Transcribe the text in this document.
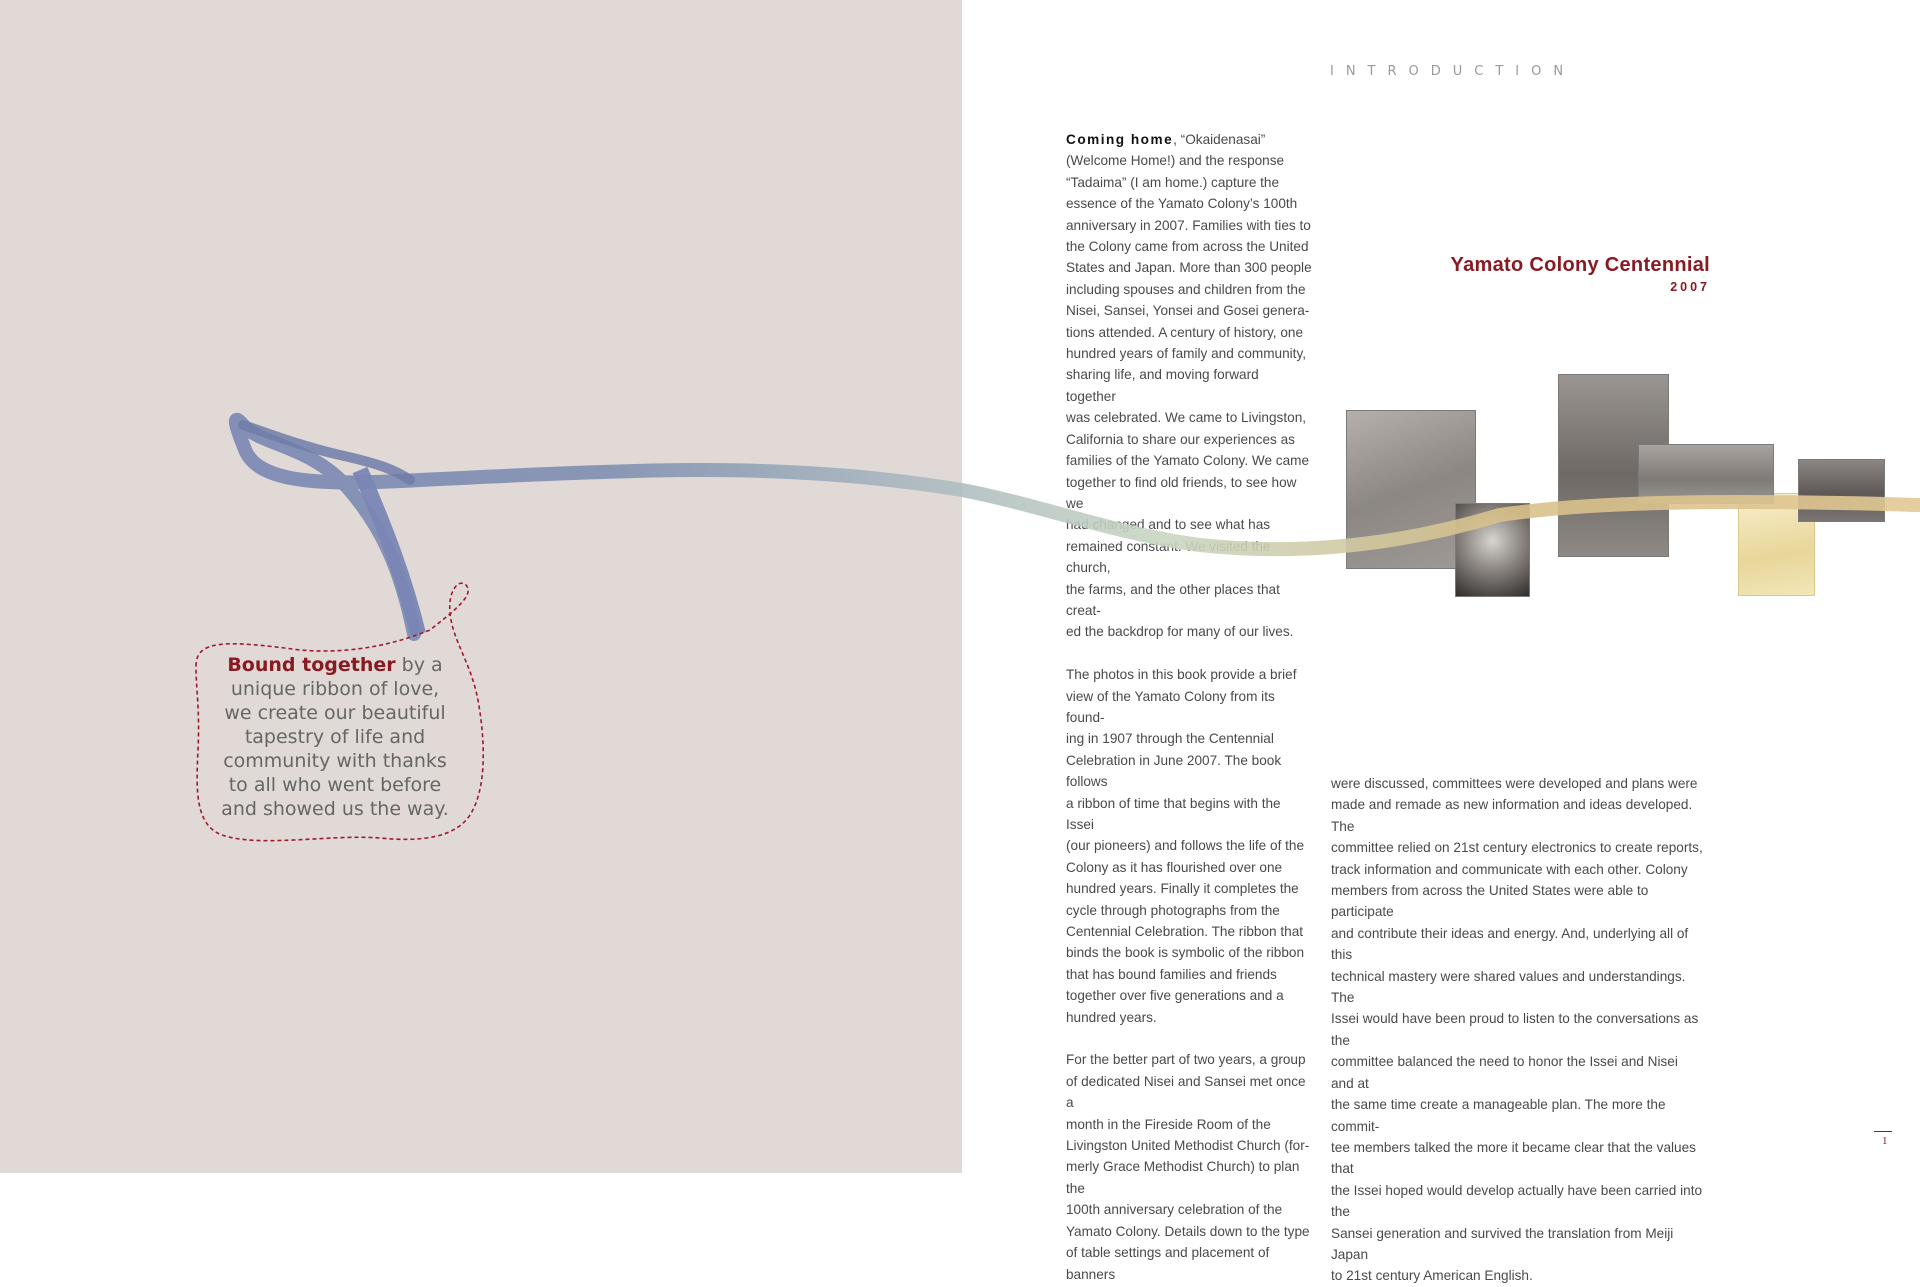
INTRODUCTION

Coming home, “Okaidenasai”
(Welcome Home!) and the response
“Tadaima” (I am home.) capture the
essence of the Yamato Colony’s 100th
anniversary in 2007. Families with ties to
the Colony came from across the United
States and Japan. More than 300 people
including spouses and children from the
Nisei, Sansei, Yonsei and Gosei genera-
tions attended. A century of history, one
hundred years of family and community,
sharing life, and moving forward together
was celebrated. We came to Livingston,
California to share our experiences as
families of the Yamato Colony. We came
together to find old friends, to see how we
had changed and to see what has
remained constant. We visited the church,
the farms, and the other places that creat-
ed the backdrop for many of our lives.

The photos in this book provide a brief
view of the Yamato Colony from its found-
ing in 1907 through the Centennial
Celebration in June 2007. The book follows
a ribbon of time that begins with the Issei
(our pioneers) and follows the life of the
Colony as it has flourished over one
hundred years. Finally it completes the
cycle through photographs from the
Centennial Celebration. The ribbon that
binds the book is symbolic of the ribbon
that has bound families and friends
together over five generations and a
hundred years.

For the better part of two years, a group
of dedicated Nisei and Sansei met once a
month in the Fireside Room of the
Livingston United Methodist Church (for-
merly Grace Methodist Church) to plan the
100th anniversary celebration of the
Yamato Colony. Details down to the type
of table settings and placement of banners

were discussed, committees were developed and plans were
made and remade as new information and ideas developed. The
committee relied on 21st century electronics to create reports,
track information and communicate with each other. Colony
members from across the United States were able to participate
and contribute their ideas and energy. And, underlying all of this
technical mastery were shared values and understandings. The
Issei would have been proud to listen to the conversations as the
committee balanced the need to honor the Issei and Nisei and at
the same time create a manageable plan. The more the commit-
tee members talked the more it became clear that the values that
the Issei hoped would develop actually have been carried into the
Sansei generation and survived the translation from Meiji Japan
to 21st century American English.

Yamato Colony Centennial
2007
Bound together by a
unique ribbon of love,
we create our beautiful
tapestry of life and
community with thanks
to all who went before
and showed us the way.
1
